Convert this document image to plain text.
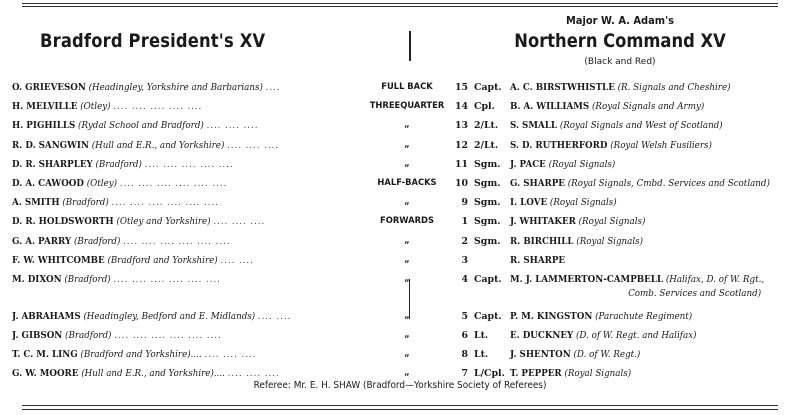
Bradford President's XV
Major W. A. Adam's
Northern Command XV
(Black and Red)
O. GRIEVESON (Headingley, Yorkshire and Barbarians) ....	FULL BACK	15 Capt. A. C. BIRSTWHISTLE (R. Signals and Cheshire)
H. MELVILLE (Otley) .... .... .... .... ....	THREEQUARTER	14 Cpl.	B. A. WILLIAMS (Royal Signals and Army)
H. PIGHILLS (Rydal School and Bradford) .... .... ....	„	13 2/Lt.	S. SMALL (Royal Signals and West of Scotland)
R. D. SANGWIN (Hull and E.R., and Yorkshire) .... .... ....	„	12 2/Lt.	S. D. RUTHERFORD (Royal Welsh Fusiliers)
D. R. SHARPLEY (Bradford) .... .... .... .... ....	„	11 Sgm.	J. PACE (Royal Signals)
D. A. CAWOOD (Otley) .... .... .... .... .... ....	HALF-BACKS	10 Sgm.	G. SHARPE (Royal Signals, Cmbd. Services and Scotland)
A. SMITH (Bradford) .... .... .... .... .... ....	„	9 Sgm.	I. LOVE (Royal Signals)
D. R. HOLDSWORTH (Otley and Yorkshire) .... .... ....	FORWARDS	1 Sgm.	J. WHITAKER (Royal Signals)
G. A. PARRY (Bradford) .... .... .... .... .... ....	„	2 Sgm.	R. BIRCHILL (Royal Signals)
F. W. WHITCOMBE (Bradford and Yorkshire) .... ....	„	3	R. SHARPE
M. DIXON (Bradford) .... .... .... .... .... ....	„	4 Capt. M. J. LAMMERTON-CAMPBELL (Halifax, D. of W. Rgt.,
Comb. Services and Scotland)
J. ABRAHAMS (Headingley, Bedford and E. Midlands) .... ....	„	5 Capt. P. M. KINGSTON (Parachute Regiment)
J. GIBSON (Bradford) .... .... .... .... .... ....	„	6 Lt.	E. DUCKNEY (D. of W. Regt. and Halifax)
T. C. M. LING (Bradford and Yorkshire).... .... .... ....	„	8 Lt.	J. SHENTON (D. of W. Regt.)
G. W. MOORE (Hull and E.R., and Yorkshire).... .... .... ....	„	7 L/Cpl. T. PEPPER (Royal Signals)
Referee: Mr. E. H. SHAW (Bradford—Yorkshire Society of Referees)
